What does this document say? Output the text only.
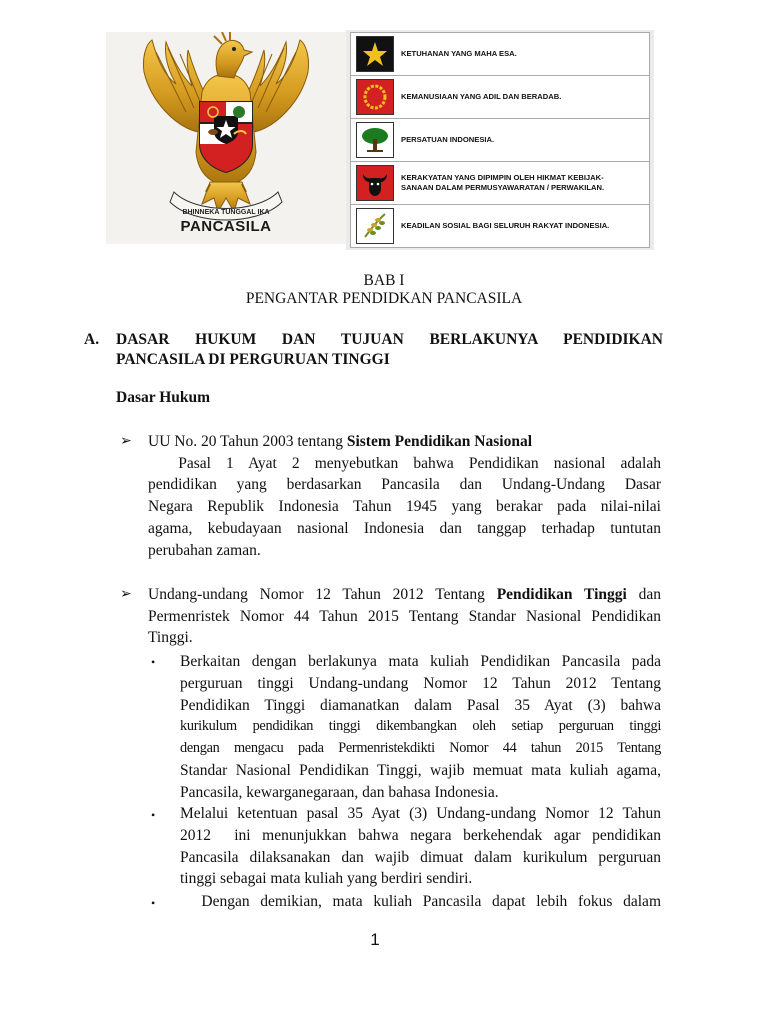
BHINNEKA TUNGGAL IKA
PANCASILA
KETUHANAN YANG MAHA ESA.
KEMANUSIAAN YANG ADIL DAN BERADAB.
PERSATUAN INDONESIA.
KERAKYATAN YANG DIPIMPIN OLEH HIKMAT KEBIJAK-
SANAAN DALAM PERMUSYAWARATAN / PERWAKILAN.
KEADILAN SOSIAL BAGI SELURUH RAKYAT INDONESIA.
BAB I
PENGANTAR PENDIDKAN PANCASILA
A. DASAR HUKUM DAN TUJUAN BERLAKUNYA PENDIDIKAN
PANCASILA DI PERGURUAN TINGGI
Dasar Hukum
➢ UU No. 20 Tahun 2003 tentang Sistem Pendidikan Nasional
Pasal 1 Ayat 2 menyebutkan bahwa Pendidikan nasional adalah
pendidikan yang berdasarkan Pancasila dan Undang-Undang Dasar
Negara Republik Indonesia Tahun 1945 yang berakar pada nilai-nilai
agama, kebudayaan nasional Indonesia dan tanggap terhadap tuntutan
perubahan zaman.
➢ Undang-undang Nomor 12 Tahun 2012 Tentang Pendidikan Tinggi dan
Permenristek Nomor 44 Tahun 2015 Tentang Standar Nasional Pendidikan
Tinggi.
• Berkaitan dengan berlakunya mata kuliah Pendidikan Pancasila pada
perguruan tinggi Undang-undang Nomor 12 Tahun 2012 Tentang
Pendidikan Tinggi diamanatkan dalam Pasal 35 Ayat (3) bahwa
kurikulum pendidikan tinggi dikembangkan oleh setiap perguruan tinggi
dengan mengacu pada Permenristekdikti Nomor 44 tahun 2015 Tentang
Standar Nasional Pendidikan Tinggi, wajib memuat mata kuliah agama,
Pancasila, kewarganegaraan, dan bahasa Indonesia.
• Melalui ketentuan pasal 35 Ayat (3) Undang-undang Nomor 12 Tahun
2012  ini menunjukkan bahwa negara berkehendak agar pendidikan
Pancasila dilaksanakan dan wajib dimuat dalam kurikulum perguruan
tinggi sebagai mata kuliah yang berdiri sendiri.
• Dengan demikian, mata kuliah Pancasila dapat lebih fokus dalam
1
